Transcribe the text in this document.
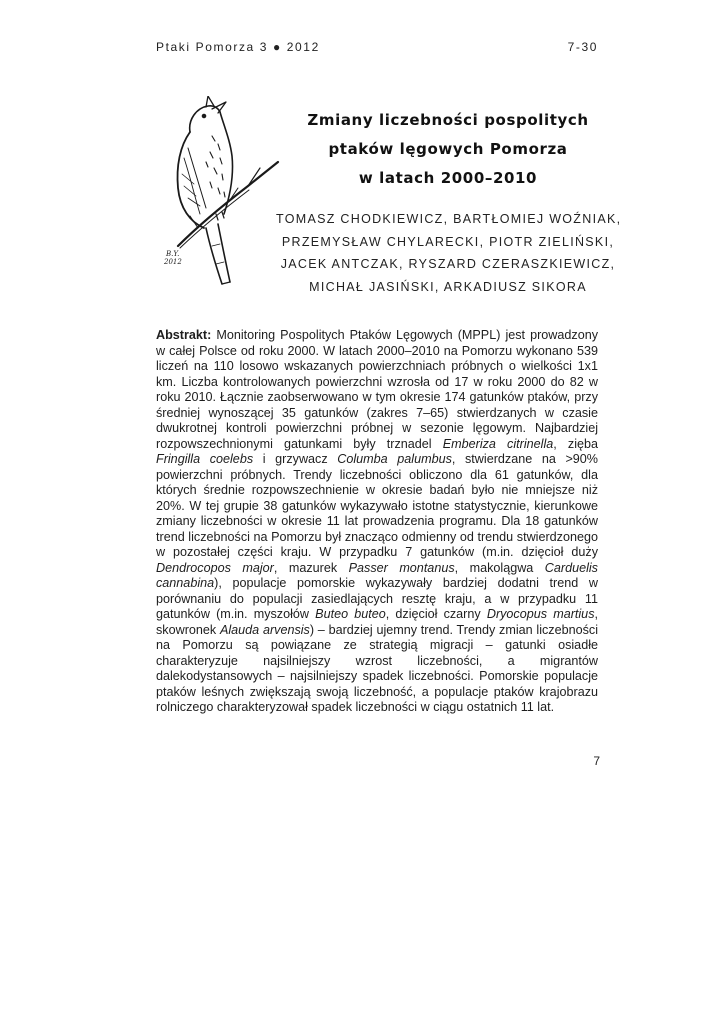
Ptaki Pomorza 3 ● 2012	7-30
B.Y.
2012
Zmiany liczebności pospolitych
ptaków lęgowych Pomorza
w latach 2000–2010
TOMASZ CHODKIEWICZ, BARTŁOMIEJ WOŹNIAK,
PRZEMYSŁAW CHYLARECKI, PIOTR ZIELIŃSKI,
JACEK ANTCZAK, RYSZARD CZERASZKIEWICZ,
MICHAŁ JASIŃSKI, ARKADIUSZ SIKORA
Abstrakt: Monitoring Pospolitych Ptaków Lęgowych (MPPL) jest prowadzony w całej Polsce od roku 2000. W latach 2000–2010 na Pomorzu wykonano 539 liczeń na 110 losowo wskazanych powierzchniach próbnych o wielkości 1x1 km. Liczba kontrolowanych powierzchni wzrosła od 17 w roku 2000 do 82 w roku 2010. Łącznie zaobserwowano w tym okresie 174 gatunków ptaków, przy średniej wynoszącej 35 gatunków (zakres 7–65) stwierdzanych w czasie dwukrotnej kontroli powierzchni próbnej w sezonie lęgowym. Najbardziej rozpowszechnionymi gatunkami były trznadel Emberiza citrinella, zięba Fringilla coelebs i grzywacz Columba palumbus, stwierdzane na >90% powierzchni próbnych. Trendy liczebności obliczono dla 61 gatunków, dla których średnie rozpowszechnienie w okresie badań było nie mniejsze niż 20%. W tej grupie 38 gatunków wykazywało istotne statystycznie, kierunkowe zmiany liczebności w okresie 11 lat prowadzenia programu. Dla 18 gatunków trend liczebności na Pomorzu był znacząco odmienny od trendu stwierdzonego w pozostałej części kraju. W przypadku 7 gatunków (m.in. dzięcioł duży Dendrocopos major, mazurek Passer montanus, makolągwa Carduelis cannabina), populacje pomorskie wykazywały bardziej dodatni trend w porównaniu do populacji zasiedlających resztę kraju, a w przypadku 11 gatunków (m.in. myszołów Buteo buteo, dzięcioł czarny Dryocopus martius, skowronek Alauda arvensis) – bardziej ujemny trend. Trendy zmian liczebności na Pomorzu są powiązane ze strategią migracji – gatunki osiadłe charakteryzuje najsilniejszy wzrost liczebności, a migrantów dalekodystansowych – najsilniejszy spadek liczebności. Pomorskie populacje ptaków leśnych zwiększają swoją liczebność, a populacje ptaków krajobrazu rolniczego charakteryzował spadek liczebności w ciągu ostatnich 11 lat.
7
